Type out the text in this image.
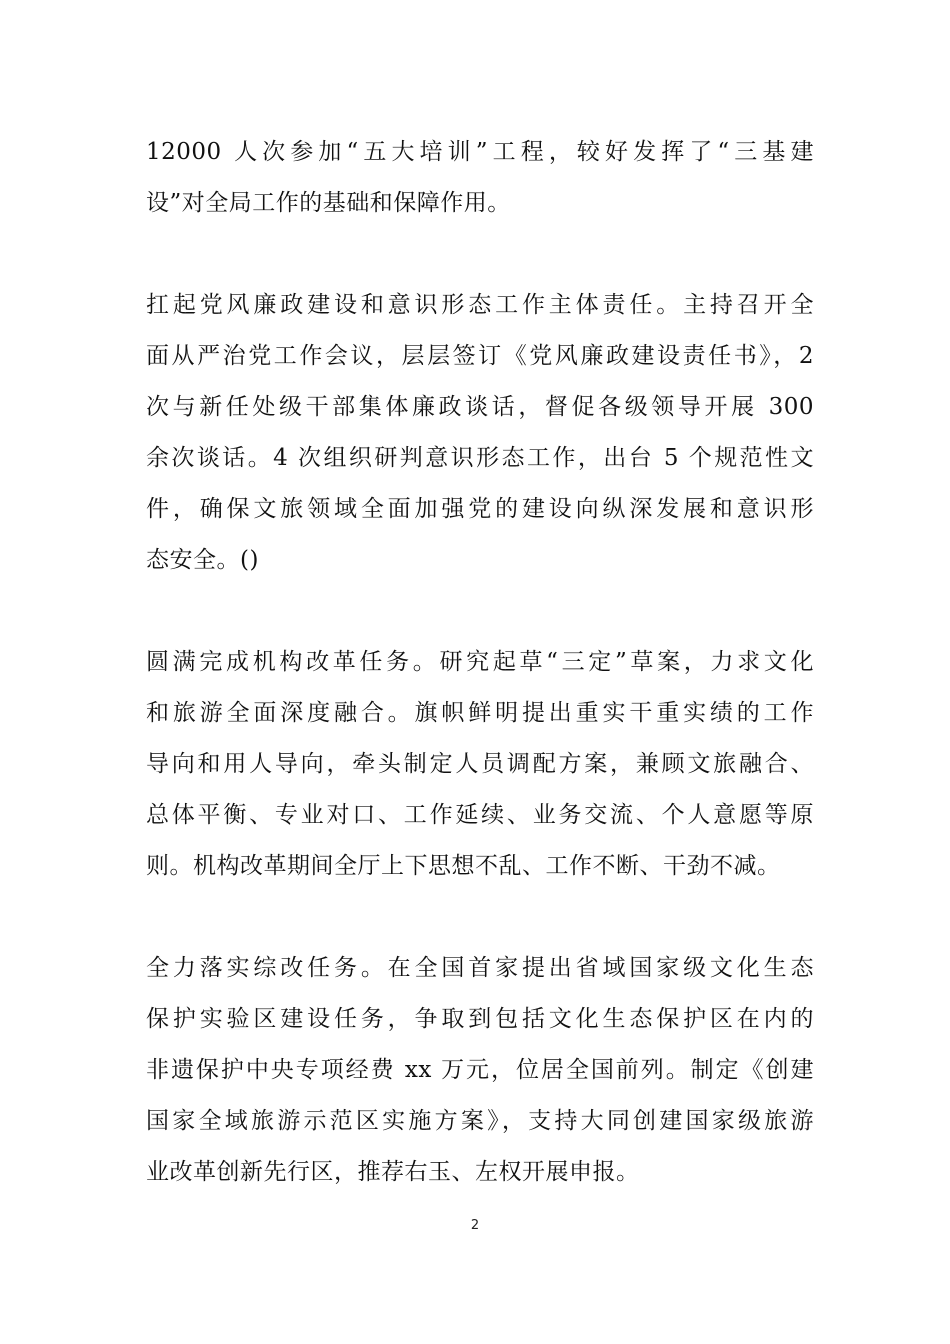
12000 人次参加“五大培训”工程，较好发挥了“三基建
设”对全局工作的基础和保障作用。
扛起党风廉政建设和意识形态工作主体责任。主持召开全
面从严治党工作会议，层层签订《党风廉政建设责任书》，2
次与新任处级干部集体廉政谈话，督促各级领导开展 300
余次谈话。4 次组织研判意识形态工作，出台 5 个规范性文
件，确保文旅领域全面加强党的建设向纵深发展和意识形
态安全。()
圆满完成机构改革任务。研究起草“三定”草案，力求文化
和旅游全面深度融合。旗帜鲜明提出重实干重实绩的工作
导向和用人导向，牵头制定人员调配方案，兼顾文旅融合、
总体平衡、专业对口、工作延续、业务交流、个人意愿等原
则。机构改革期间全厅上下思想不乱、工作不断、干劲不减。
全力落实综改任务。在全国首家提出省域国家级文化生态
保护实验区建设任务，争取到包括文化生态保护区在内的
非遗保护中央专项经费 xx 万元，位居全国前列。制定《创建
国家全域旅游示范区实施方案》，支持大同创建国家级旅游
业改革创新先行区，推荐右玉、左权开展申报。
2
